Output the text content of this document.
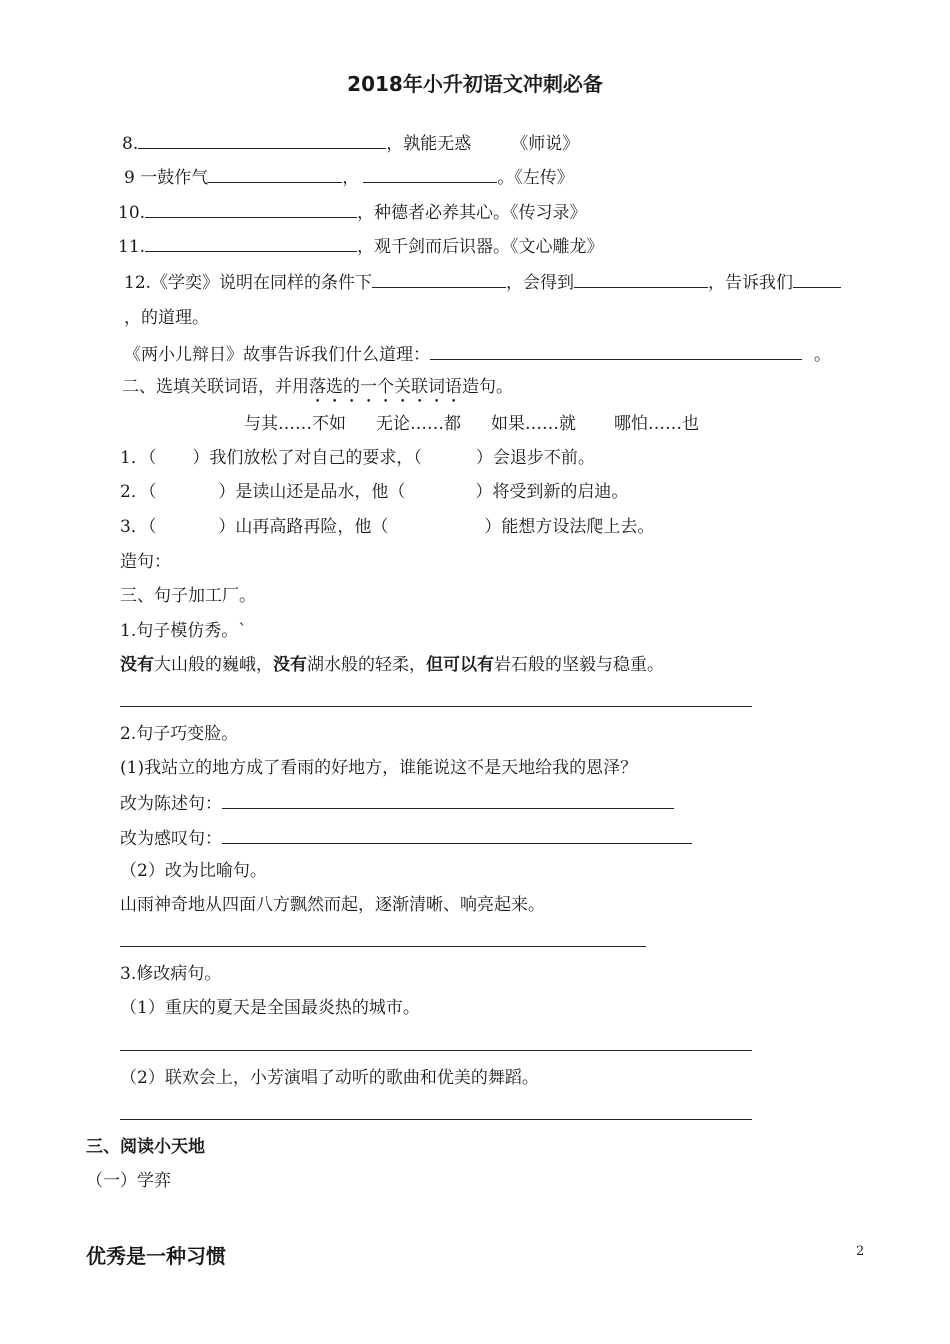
2018年小升初语文冲刺必备
8.	，孰能无惑 《师说》
9 一鼓作气	，	。《左传》
10.	，种德者必养其心。《传习录》
11.	，观千剑而后识器。《文心雕龙》
12.《学奕》说明在同样的条件下	，会得到	，告诉我们
，的道理。
《两小儿辩日》故事告诉我们什么道理：	。
二、选填关联词语，并用落选的一个关联词语造句。
与其……不如 无论……都 如果……就 哪怕……也
1．（ ）我们放松了对自己的要求，（	）会退步不前。
2．（	）是读山还是品水，他（	）将受到新的启迪。
3．（	）山再高路再险，他（	）能想方设法爬上去。
造句：
三、句子加工厂。
1.句子模仿秀。`
没有大山般的巍峨，没有湖水般的轻柔，但可以有岩石般的坚毅与稳重。
2.句子巧变脸。
(1)我站立的地方成了看雨的好地方，谁能说这不是天地给我的恩泽？
改为陈述句：
改为感叹句：
（2）改为比喻句。
山雨神奇地从四面八方飘然而起，逐渐清晰、响亮起来。
3.修改病句。
（1）重庆的夏天是全国最炎热的城市。
（2）联欢会上，小芳演唱了动听的歌曲和优美的舞蹈。
三、阅读小天地
（一）学弈
优秀是一种习惯	2
